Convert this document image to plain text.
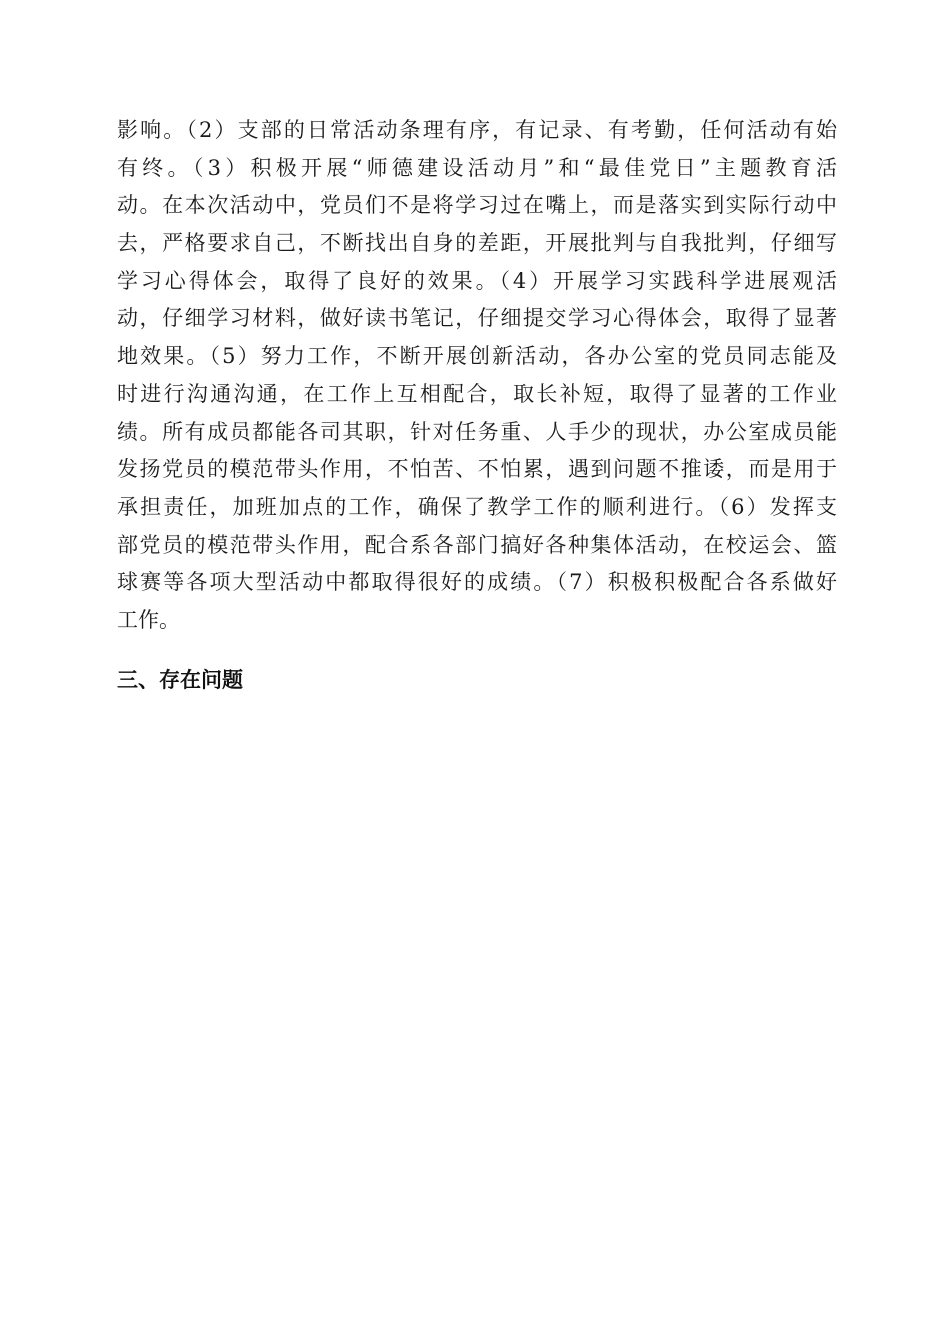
影响。（2）支部的日常活动条理有序，有记录、有考勤，任何活动有始
有终。（3）积极开展“师德建设活动月”和“最佳党日”主题教育活
动。在本次活动中，党员们不是将学习过在嘴上，而是落实到实际行动中
去，严格要求自己，不断找出自身的差距，开展批判与自我批判，仔细写
学习心得体会，取得了良好的效果。（4）开展学习实践科学进展观活
动，仔细学习材料，做好读书笔记，仔细提交学习心得体会，取得了显著
地效果。（5）努力工作，不断开展创新活动，各办公室的党员同志能及
时进行沟通沟通，在工作上互相配合，取长补短，取得了显著的工作业
绩。所有成员都能各司其职，针对任务重、人手少的现状，办公室成员能
发扬党员的模范带头作用，不怕苦、不怕累，遇到问题不推诿，而是用于
承担责任，加班加点的工作，确保了教学工作的顺利进行。（6）发挥支
部党员的模范带头作用，配合系各部门搞好各种集体活动，在校运会、篮
球赛等各项大型活动中都取得很好的成绩。（7）积极积极配合各系做好
工作。
三、存在问题
